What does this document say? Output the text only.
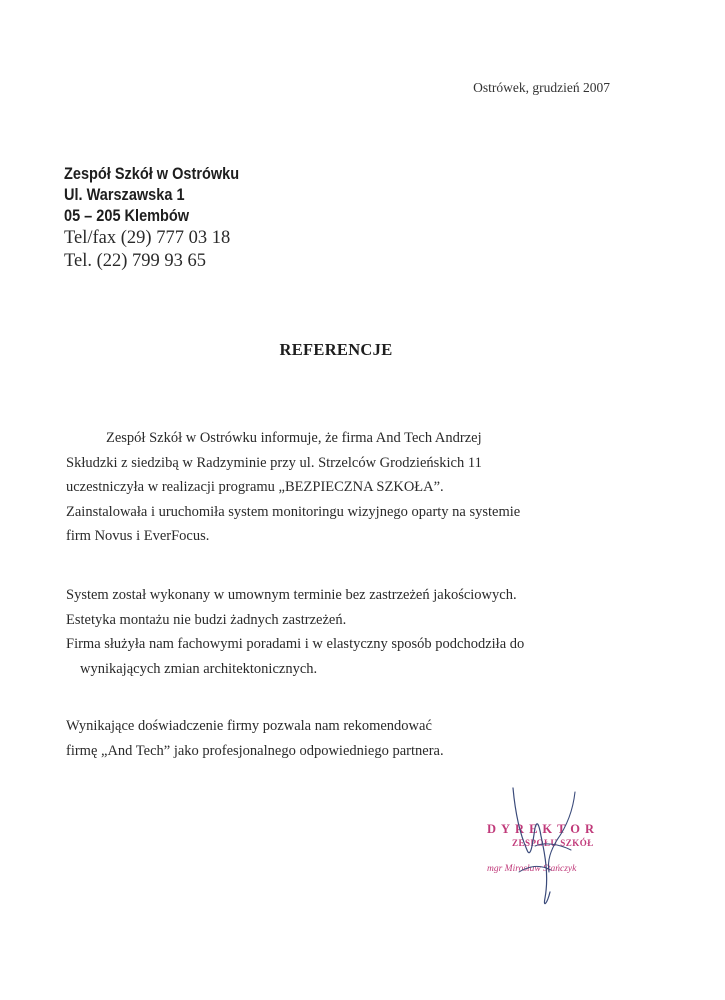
Ostrówek, grudzień 2007
Zespół Szkół w Ostrówku
Ul. Warszawska 1
05 – 205 Klembów
Tel/fax (29) 777 03 18
Tel. (22) 799 93 65
REFERENCJE
Zespół Szkół w Ostrówku informuje, że firma And Tech Andrzej
Skłudzki z siedzibą w Radzyminie przy ul. Strzelców Grodzieńskich 11
uczestniczyła w realizacji programu „BEZPIECZNA SZKOŁA”.
Zainstalowała i uruchomiła system monitoringu wizyjnego oparty na systemie
firm Novus i EverFocus.
System został wykonany w umownym terminie bez zastrzeżeń jakościowych.
Estetyka montażu nie budzi żadnych zastrzeżeń.
Firma służyła nam fachowymi poradami i w elastyczny sposób podchodziła do
wynikających zmian architektonicznych.
Wynikające doświadczenie firmy pozwala nam rekomendować
firmę „And Tech” jako profesjonalnego odpowiedniego partnera.
DYREKTOR
ZESPOŁU SZKÓŁ
mgr Mirosław Stańczyk
